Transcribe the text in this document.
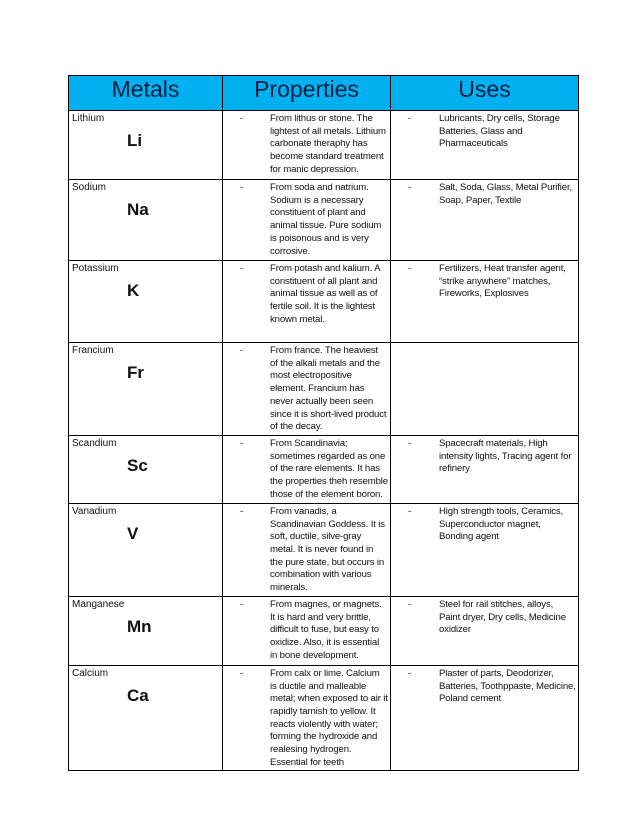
Metals	Properties	Uses

Lithium
Li	- From lithus or stone. The lightest of all metals. Lithium carbonate theraphy has become standard treatment for manic depression.	- Lubricants, Dry cells, Storage Batteries, Glass and Pharmaceuticals

Sodium
Na	- From soda and natrium. Sodium is a necessary constituent of plant and animal tissue. Pure sodium is poisonous and is very corrosive.	- Salt, Soda, Glass, Metal Purifier, Soap, Paper, Textile

Potassium
K	- From potash and kalium. A constituent of all plant and animal tissue as well as of fertile soil. It is the lightest known metal.	- Fertilizers, Heat transfer agent, “strike anywhere” matches, Fireworks, Explosives

Francium
Fr	- From france. The heaviest of the alkali metals and the most electropositive element. Francium has never actually been seen since it is short-lived product of the decay.	

Scandium
Sc	- From Scandinavia; sometimes regarded as one of the rare elements. It has the properties theh resemble those of the element boron.	- Spacecraft materials, High intensity lights, Tracing agent for refinery

Vanadium
V	- From vanadis, a Scandinavian Goddess. It is soft, ductile, silve-gray metal. It is never found in the pure state, but occurs in combination with various minerals.	- High strength tools, Ceramics, Superconductor magnet, Bonding agent

Manganese
Mn	- From magnes, or magnets. It is hard and very brittle, difficult to fuse, but easy to oxidize. Also, it is essential in bone development.	- Steel for rail stitches, alloys, Paint dryer, Dry cells, Medicine oxidizer

Calcium
Ca	- From calx or lime. Calcium is ductile and malleable metal; when exposed to air it rapidly tarnish to yellow. It reacts violently with water; forming the hydroxide and realesing hydrogen. Essential for teeth	- Plaster of parts, Deodorizer, Batteries, Toothppaste, Medicine, Poland cement
